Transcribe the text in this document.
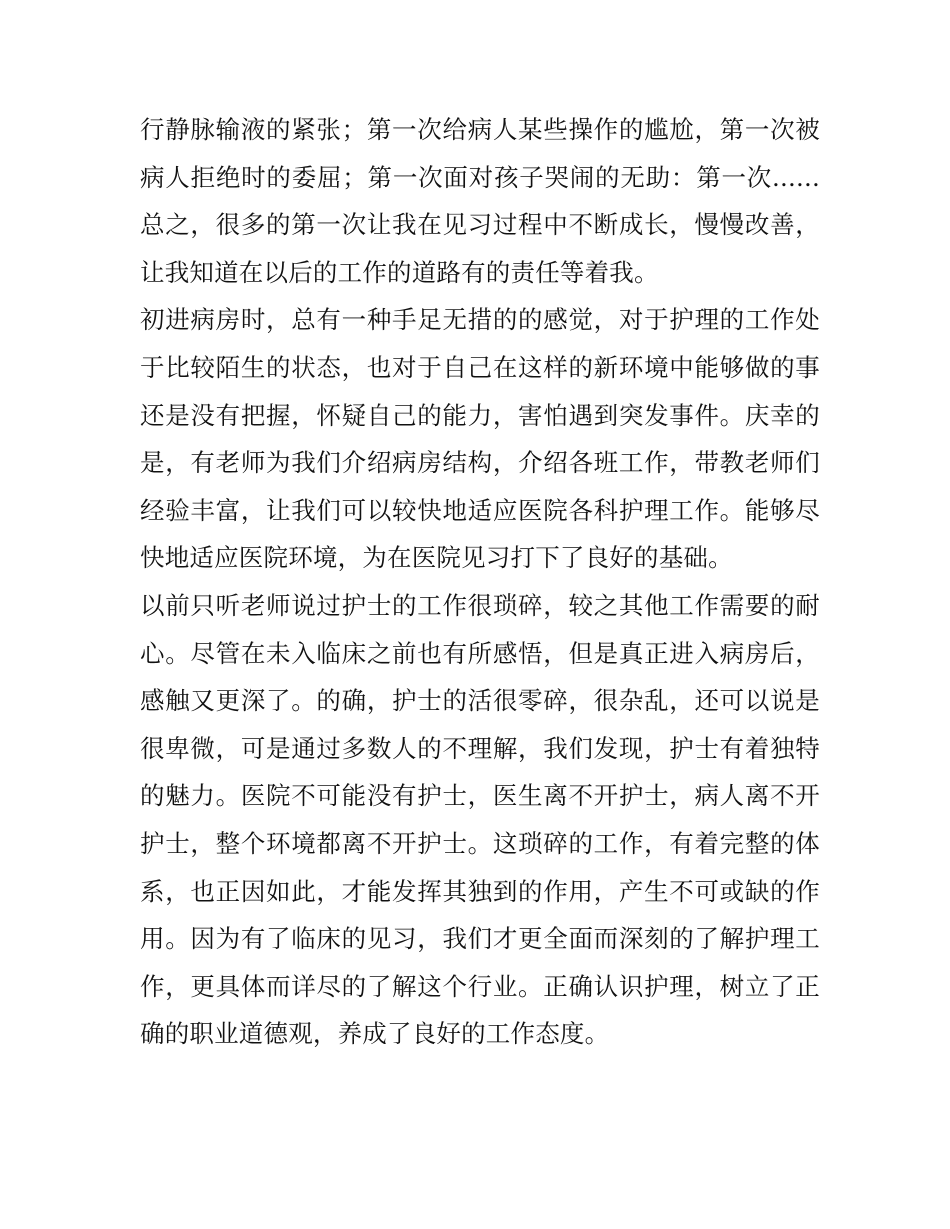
行静脉输液的紧张；第一次给病人某些操作的尴尬，第一次被
病人拒绝时的委屈；第一次面对孩子哭闹的无助：第一次......
总之，很多的第一次让我在见习过程中不断成长，慢慢改善，
让我知道在以后的工作的道路有的责任等着我。
初进病房时，总有一种手足无措的的感觉，对于护理的工作处
于比较陌生的状态，也对于自己在这样的新环境中能够做的事
还是没有把握，怀疑自己的能力，害怕遇到突发事件。庆幸的
是，有老师为我们介绍病房结构，介绍各班工作，带教老师们
经验丰富，让我们可以较快地适应医院各科护理工作。能够尽
快地适应医院环境，为在医院见习打下了良好的基础。
以前只听老师说过护士的工作很琐碎，较之其他工作需要的耐
心。尽管在未入临床之前也有所感悟，但是真正进入病房后，
感触又更深了。的确，护士的活很零碎，很杂乱，还可以说是
很卑微，可是通过多数人的不理解，我们发现，护士有着独特
的魅力。医院不可能没有护士，医生离不开护士，病人离不开
护士，整个环境都离不开护士。这琐碎的工作，有着完整的体
系，也正因如此，才能发挥其独到的作用，产生不可或缺的作
用。因为有了临床的见习，我们才更全面而深刻的了解护理工
作，更具体而详尽的了解这个行业。正确认识护理，树立了正
确的职业道德观，养成了良好的工作态度。
